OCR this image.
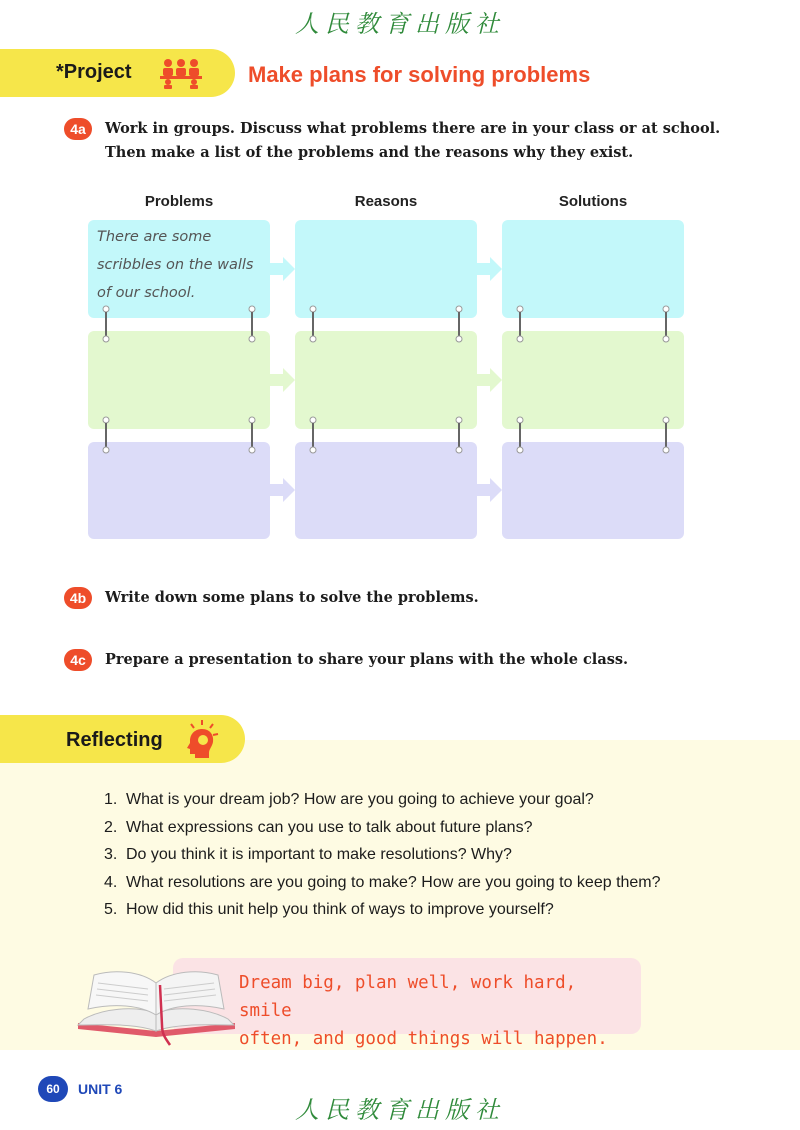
人民教育出版社
*Project	Make plans for solving problems
4a	Work in groups. Discuss what problems there are in your class or at school.
Then make a list of the problems and the reasons why they exist.
Problems	Reasons	Solutions
There are some
scribbles on the walls
of our school.
4b	Write down some plans to solve the problems.
4c	Prepare a presentation to share your plans with the whole class.
Reflecting
1. What is your dream job? How are you going to achieve your goal?
2. What expressions can you use to talk about future plans?
3. Do you think it is important to make resolutions? Why?
4. What resolutions are you going to make? How are you going to keep them?
5. How did this unit help you think of ways to improve yourself?
Dream big, plan well, work hard, smile
often, and good things will happen.
60	UNIT 6
人民教育出版社
